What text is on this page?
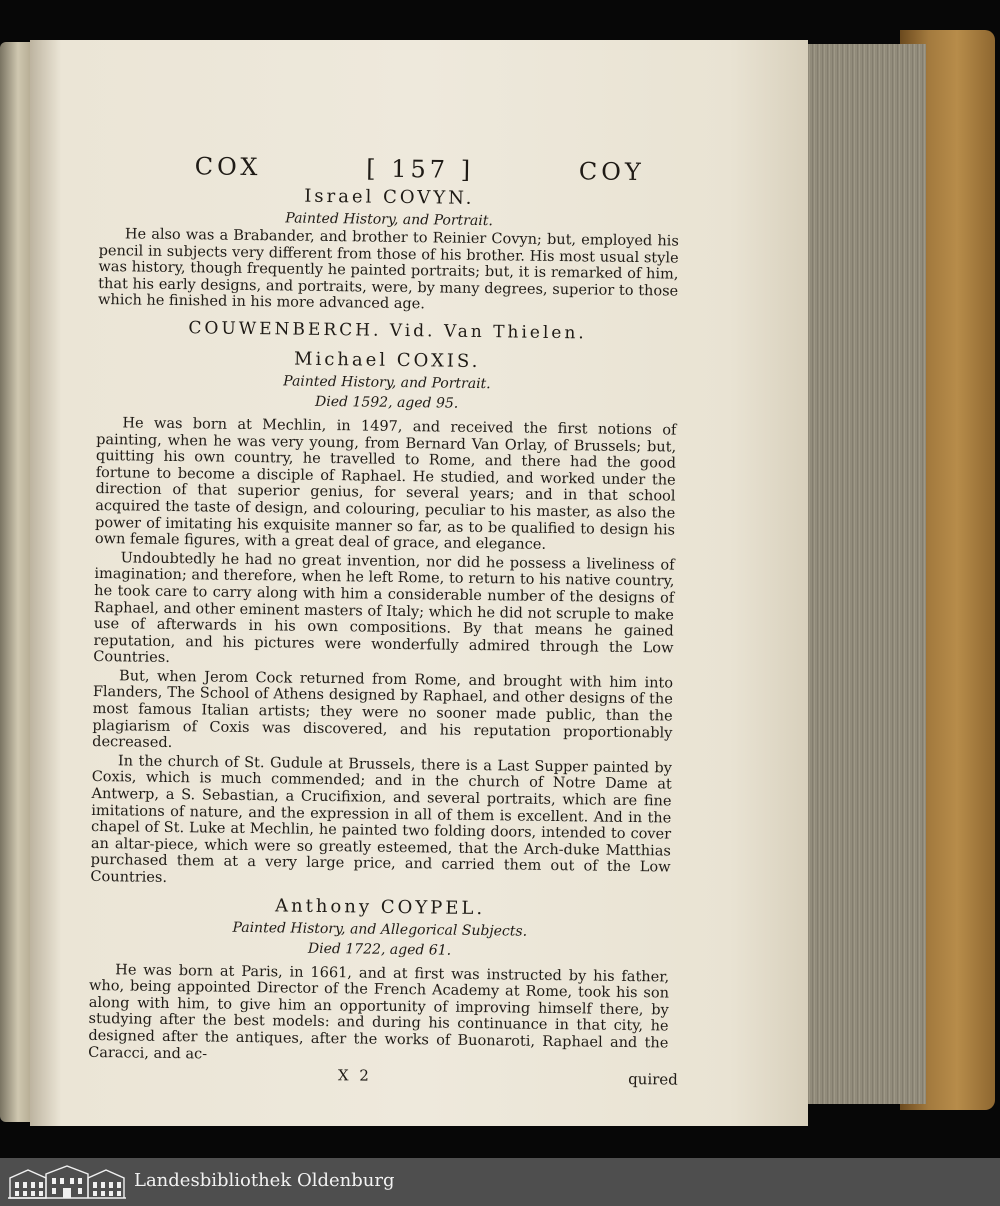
COX	[ 157 ]	COY
Israel COVYN.
Painted History, and Portrait.

He also was a Brabander, and brother to Reinier Covyn; but, employed his pencil in subjects very different from those of his brother. His most usual style was history, though frequently he painted portraits; but, it is remarked of him, that his early designs, and portraits, were, by many degrees, superior to those which he finished in his more advanced age.

COUWENBERCH. Vid. Van Thielen.
Michael COXIS.
Painted History, and Portrait.
Died 1592, aged 95.

He was born at Mechlin, in 1497, and received the first notions of painting, when he was very young, from Bernard Van Orlay, of Brussels; but, quitting his own country, he travelled to Rome, and there had the good fortune to become a disciple of Raphael. He studied, and worked under the direction of that superior genius, for several years; and in that school acquired the taste of design, and colouring, peculiar to his master, as also the power of imitating his exquisite manner so far, as to be qualified to design his own female figures, with a great deal of grace, and elegance.

Undoubtedly he had no great invention, nor did he possess a liveliness of imagination; and therefore, when he left Rome, to return to his native country, he took care to carry along with him a considerable number of the designs of Raphael, and other eminent masters of Italy; which he did not scruple to make use of afterwards in his own compositions. By that means he gained reputation, and his pictures were wonderfully admired through the Low Countries.

But, when Jerom Cock returned from Rome, and brought with him into Flanders, The School of Athens designed by Raphael, and other designs of the most famous Italian artists; they were no sooner made public, than the plagiarism of Coxis was discovered, and his reputation proportionably decreased.

In the church of St. Gudule at Brussels, there is a Last Supper painted by Coxis, which is much commended; and in the church of Notre Dame at Antwerp, a S. Sebastian, a Crucifixion, and several portraits, which are fine imitations of nature, and the expression in all of them is excellent. And in the chapel of St. Luke at Mechlin, he painted two folding doors, intended to cover an altar-piece, which were so greatly esteemed, that the Arch-duke Matthias purchased them at a very large price, and carried them out of the Low Countries.

Anthony COYPEL.
Painted History, and Allegorical Subjects.
Died 1722, aged 61.

He was born at Paris, in 1661, and at first was instructed by his father, who, being appointed Director of the French Academy at Rome, took his son along with him, to give him an opportunity of improving himself there, by studying after the best models: and during his continuance in that city, he designed after the antiques, after the works of Buonaroti, Raphael and the Caracci, and ac-

X 2	quired
Landesbibliothek Oldenburg
